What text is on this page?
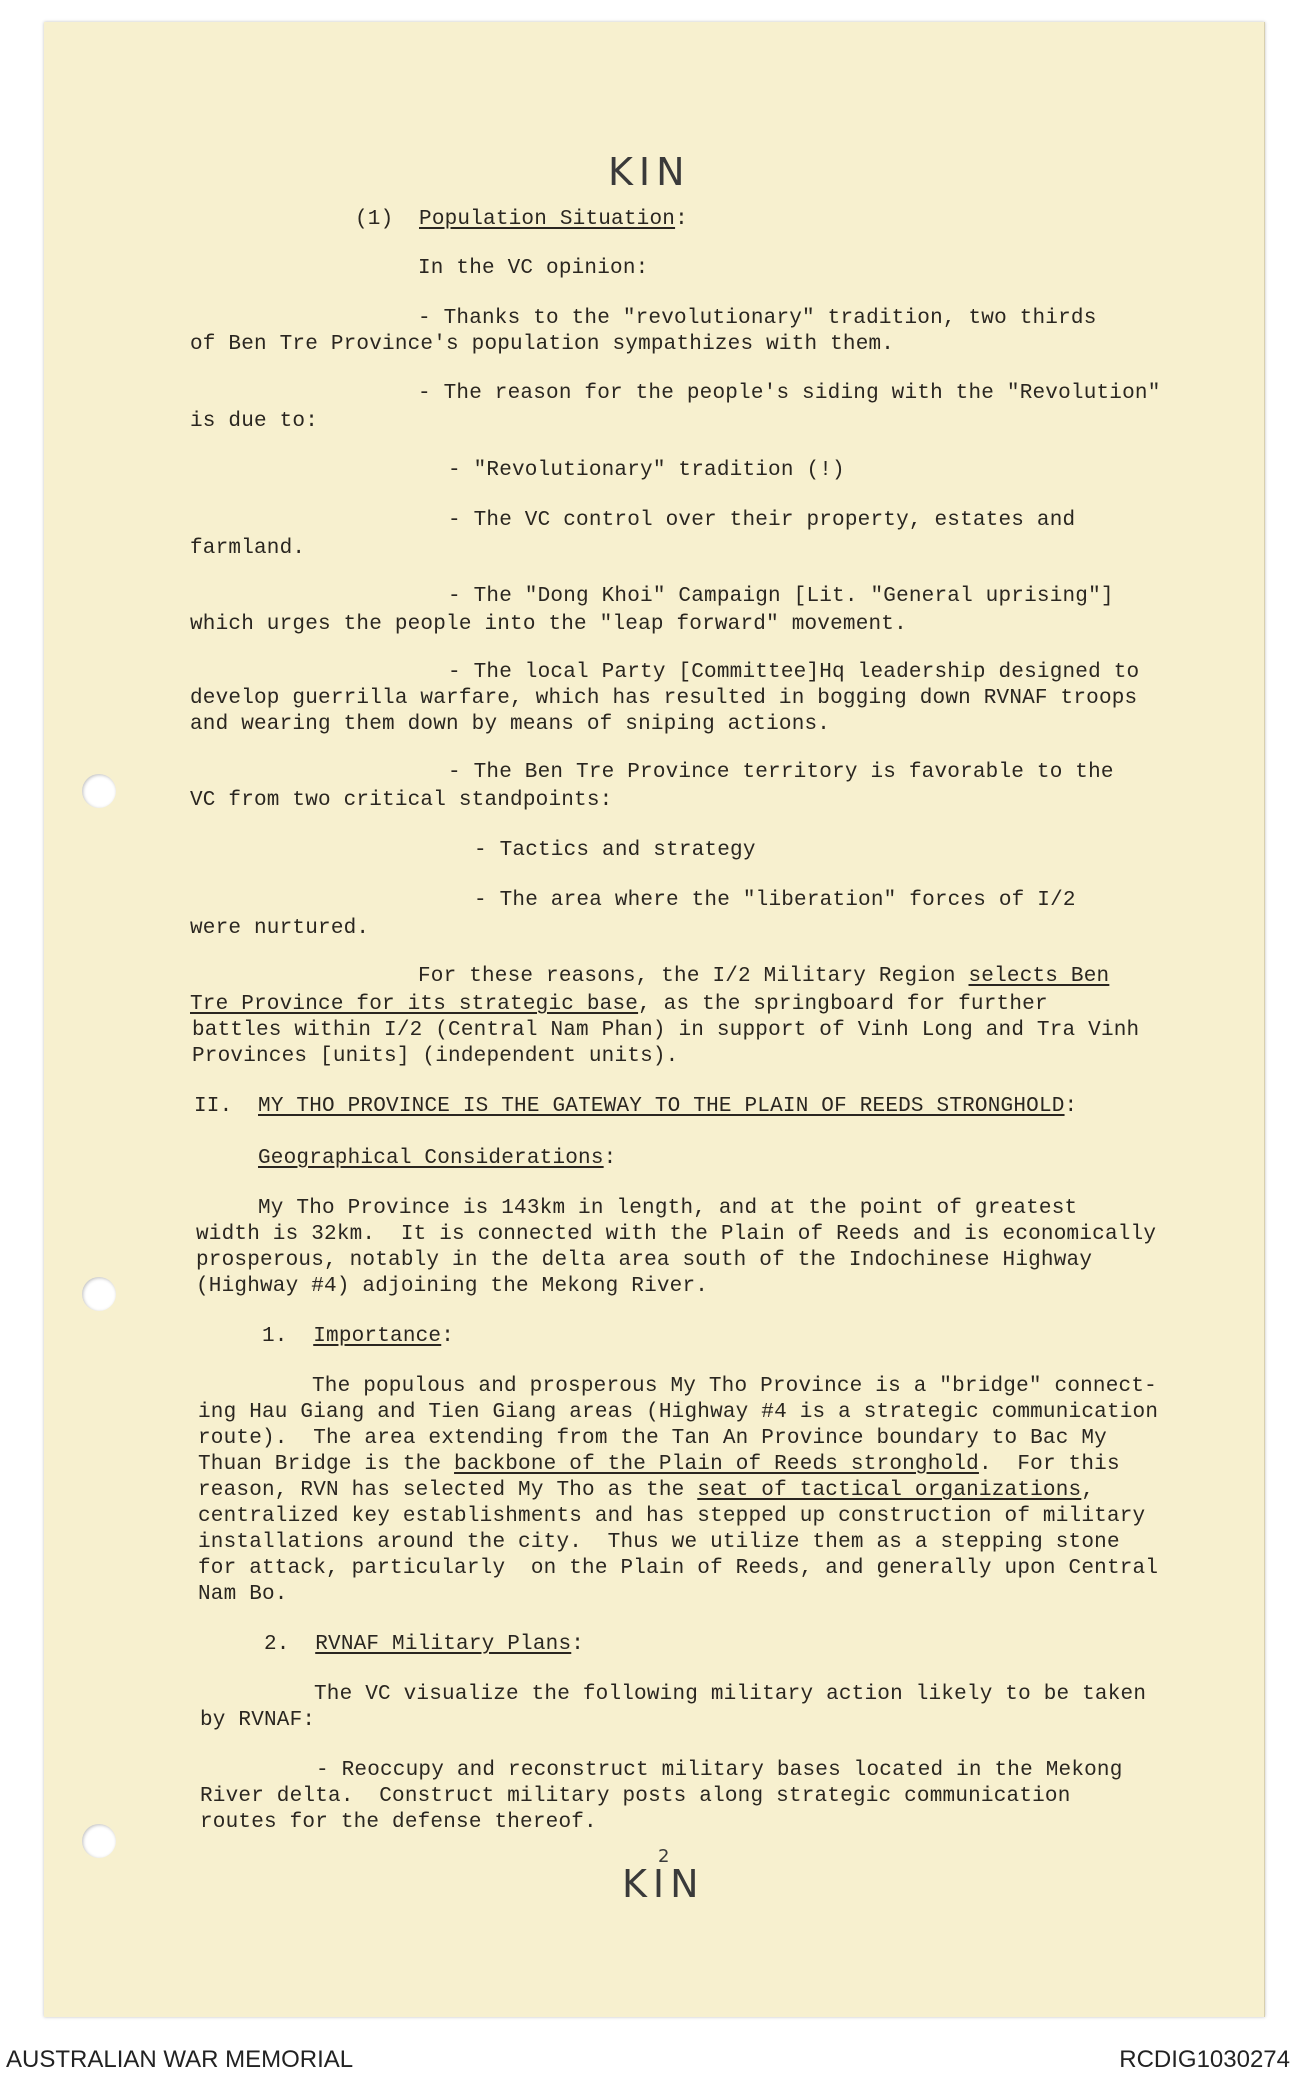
KIN
(1) Population Situation:
In the VC opinion:
- Thanks to the "revolutionary" tradition, two thirds
of Ben Tre Province's population sympathizes with them.
- The reason for the people's siding with the "Revolution"
is due to:
- "Revolutionary" tradition (!)
- The VC control over their property, estates and
farmland.
- The "Dong Khoi" Campaign [Lit. "General uprising"]
which urges the people into the "leap forward" movement.
- The local Party [Committee]Hq leadership designed to
develop guerrilla warfare, which has resulted in bogging down RVNAF troops
and wearing them down by means of sniping actions.
- The Ben Tre Province territory is favorable to the
VC from two critical standpoints:
- Tactics and strategy
- The area where the "liberation" forces of I/2
were nurtured.
For these reasons, the I/2 Military Region selects Ben
Tre Province for its strategic base, as the springboard for further
battles within I/2 (Central Nam Phan) in support of Vinh Long and Tra Vinh
Provinces [units] (independent units).
II. MY THO PROVINCE IS THE GATEWAY TO THE PLAIN OF REEDS STRONGHOLD:
Geographical Considerations:
My Tho Province is 143km in length, and at the point of greatest
width is 32km.  It is connected with the Plain of Reeds and is economically
prosperous, notably in the delta area south of the Indochinese Highway
(Highway #4) adjoining the Mekong River.
1. Importance:
The populous and prosperous My Tho Province is a "bridge" connect-
ing Hau Giang and Tien Giang areas (Highway #4 is a strategic communication
route).  The area extending from the Tan An Province boundary to Bac My
Thuan Bridge is the backbone of the Plain of Reeds stronghold.  For this
reason, RVN has selected My Tho as the seat of tactical organizations,
centralized key establishments and has stepped up construction of military
installations around the city.  Thus we utilize them as a stepping stone
for attack, particularly  on the Plain of Reeds, and generally upon Central
Nam Bo.
2. RVNAF Military Plans:
The VC visualize the following military action likely to be taken
by RVNAF:
- Reoccupy and reconstruct military bases located in the Mekong
River delta.  Construct military posts along strategic communication
routes for the defense thereof.
2
KIN
AUSTRALIAN WAR MEMORIAL	RCDIG1030274
